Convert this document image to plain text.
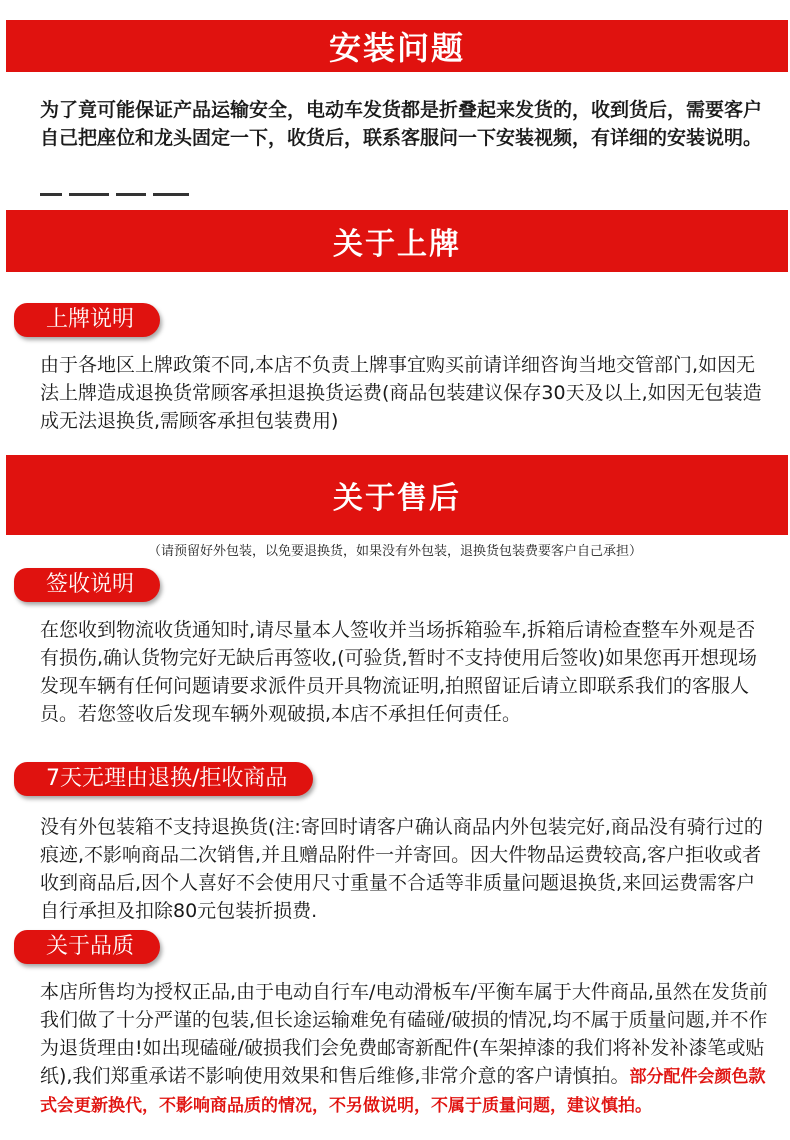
安装问题

为了竟可能保证产品运输安全，电动车发货都是折叠起来发货的，收到货后，需要客户自己把座位和龙头固定一下，收货后，联系客服问一下安装视频，有详细的安装说明。

关于上牌
上牌说明

由于各地区上牌政策不同,本店不负责上牌事宜购买前请详细咨询当地交管部门,如因无法上牌造成退换货常顾客承担退换货运费(商品包装建议保存30天及以上,如因无包装造成无法退换货,需顾客承担包装费用)

关于售后
（请预留好外包装，以免要退换货，如果没有外包装，退换货包装费要客户自己承担）
签收说明

在您收到物流收货通知时,请尽量本人签收并当场拆箱验车,拆箱后请检查整车外观是否有损伤,确认货物完好无缺后再签收,(可验货,暂时不支持使用后签收)如果您再开想现场发现车辆有任何问题请要求派件员开具物流证明,拍照留证后请立即联系我们的客服人员。若您签收后发现车辆外观破损,本店不承担任何责任。

7天无理由退换/拒收商品

没有外包装箱不支持退换货(注:寄回时请客户确认商品内外包装完好,商品没有骑行过的痕迹,不影响商品二次销售,并且赠品附件一并寄回。因大件物品运费较高,客户拒收或者收到商品后,因个人喜好不会使用尺寸重量不合适等非质量问题退换货,来回运费需客户自行承担及扣除80元包装折损费.

关于品质

本店所售均为授权正品,由于电动自行车/电动滑板车/平衡车属于大件商品,虽然在发货前我们做了十分严谨的包装,但长途运输难免有磕碰/破损的情况,均不属于质量问题,并不作为退货理由!如出现磕碰/破损我们会免费邮寄新配件(车架掉漆的我们将补发补漆笔或贴纸),我们郑重承诺不影响使用效果和售后维修,非常介意的客户请慎拍。部分配件会颜色款式会更新换代，不影响商品质的情况，不另做说明，不属于质量问题，建议慎拍。
